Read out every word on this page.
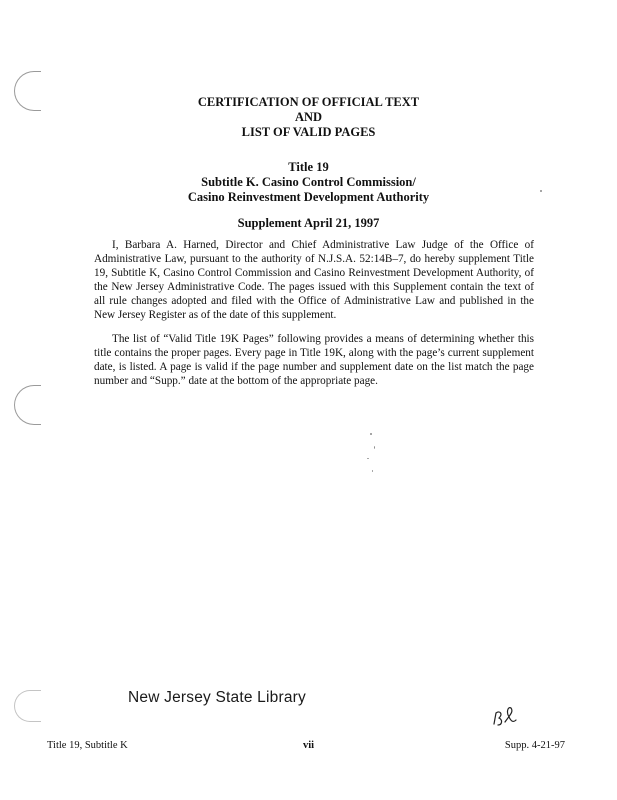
CERTIFICATION OF OFFICIAL TEXT
AND
LIST OF VALID PAGES
Title 19
Subtitle K. Casino Control Commission/
Casino Reinvestment Development Authority
Supplement April 21, 1997

I, Barbara A. Harned, Director and Chief Administrative Law Judge of the Office of Administrative Law, pursuant to the authority of N.J.S.A. 52:14B–7, do hereby supplement Title 19, Subtitle K, Casino Control Commission and Casino Reinvestment Development Authority, of the New Jersey Administrative Code. The pages issued with this Supplement contain the text of all rule changes adopted and filed with the Office of Administrative Law and published in the New Jersey Register as of the date of this supplement.

The list of “Valid Title 19K Pages” following provides a means of determining whether this title contains the proper pages. Every page in Title 19K, along with the page’s current supplement date, is listed. A page is valid if the page number and supplement date on the list match the page number and “Supp.” date at the bottom of the appropriate page.

New Jersey State Library
Title 19, Subtitle K	vii	Supp. 4-21-97
